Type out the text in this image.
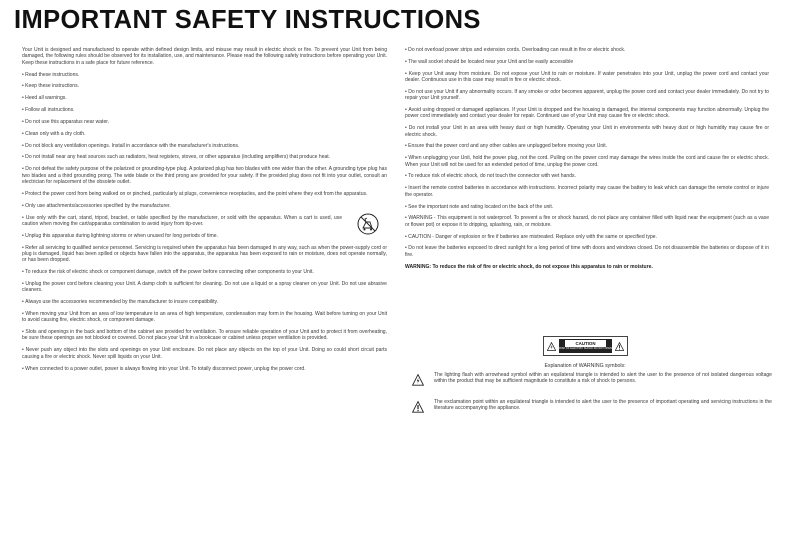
IMPORTANT SAFETY INSTRUCTIONS

Your Unit is designed and manufactured to operate within defined design limits, and misuse may result in electric shock or fire. To prevent your Unit from being damaged, the following rules should be observed for its installation, use, and maintenance. Please read the following safety instructions before operating your Unit. Keep these instructions in a safe place for future reference.

• Read these instructions.

• Keep these instructions.

• Heed all warnings.

• Follow all instructions.

• Do not use this apparatus near water.

• Clean only with a dry cloth.

• Do not block any ventilation openings. Install in accordance with the manufacturer's instructions.

• Do not install near any heat sources such as radiators, heat registers, stoves, or other apparatus (including amplifiers) that produce heat.

• Do not defeat the safety purpose of the polarized or grounding-type plug. A polarized plug has two blades with one wider than the other. A grounding type plug has two blades and a third grounding prong. The wide blade or the third prong are provided for your safety. If the provided plug does not fit into your outlet, consult an electrician for replacement of the obsolete outlet.

• Protect the power cord from being walked on or pinched, particularly at plugs, convenience receptacles, and the point where they exit from the apparatus.

• Only use attachments/accessories specified by the manufacturer.

• Use only with the cart, stand, tripod, bracket, or table specified by the manufacturer, or sold with the apparatus. When a cart is used, use caution when moving the cart/apparatus combination to avoid injury from tip-over.

• Unplug this apparatus during lightning storms or when unused for long periods of time.

• Refer all servicing to qualified service personnel. Servicing is required when the apparatus has been damaged in any way, such as when the power-supply cord or plug is damaged, liquid has been spilled or objects have fallen into the apparatus, the apparatus has been exposed to rain or moisture, does not operate normally, or has been dropped.

• To reduce the risk of electric shock or component damage, switch off the power before connecting other components to your Unit.

• Unplug the power cord before cleaning your Unit. A damp cloth is sufficient for cleaning. Do not use a liquid or a spray cleaner on your Unit. Do not use abrasive cleaners.

• Always use the accessories recommended by the manufacturer to insure compatibility.

• When moving your Unit from an area of low temperature to an area of high temperature, condensation may form in the housing. Wait before turning on your Unit to avoid causing fire, electric shock, or component damage.

• Slots and openings in the back and bottom of the cabinet are provided for ventilation. To ensure reliable operation of your Unit and to protect it from overheating, be sure these openings are not blocked or covered. Do not place your Unit in a bookcase or cabinet unless proper ventilation is provided.

• Never push any object into the slots and openings on your Unit enclosure. Do not place any objects on the top of your Unit. Doing so could short circuit parts causing a fire or electric shock. Never spill liquids on your Unit.

• When connected to a power outlet, power is always flowing into your Unit. To totally disconnect power, unplug the power cord.

• Do not overload power strips and extension cords. Overloading can result in fire or electric shock.

• The wall socket should be located near your Unit and be easily accessible

• Keep your Unit away from moisture. Do not expose your Unit to rain or moisture. If water penetrates into your Unit, unplug the power cord and contact your dealer. Continuous use in this case may result in fire or electric shock.

• Do not use your Unit if any abnormality occurs. If any smoke or odor becomes apparent, unplug the power cord and contact your dealer immediately. Do not try to repair your Unit yourself.

• Avoid using dropped or damaged appliances. If your Unit is dropped and the housing is damaged, the internal components may function abnormally. Unplug the power cord immediately and contact your dealer for repair. Continued use of your Unit may cause fire or electric shock.

• Do not install your Unit in an area with heavy dust or high humidity. Operating your Unit in environments with heavy dust or high humidity may cause fire or electric shock.

• Ensure that the power cord and any other cables are unplugged before moving your Unit.

• When unplugging your Unit, hold the power plug, not the cord. Pulling on the power cord may damage the wires inside the cord and cause fire or electric shock. When your Unit will not be used for an extended period of time, unplug the power cord.

• To reduce risk of electric shock, do not touch the connector with wet hands.

• Insert the remote control batteries in accordance with instructions. Incorrect polarity may cause the battery to leak which can damage the remote control or injure the operator.

• See the important note and rating located on the back of the unit.

• WARNING - This equipment is not waterproof. To prevent a fire or shock hazard, do not place any container filled with liquid near the equipment (such as a vase or flower pot) or expose it to dripping, splashing, rain, or moisture.

• CAUTION - Danger of explosion or fire if batteries are mistreated. Replace only with the same or specified type.

• Do not leave the batteries exposed to direct sunlight for a long period of time with doors and windows closed. Do not disassemble the batteries or dispose of it in fire.

WARNING: To reduce the risk of fire or electric shock, do not expose this apparatus to rain or moisture.

CAUTION
RISK OF ELECTRIC SHOCK DO NOT OPEN
Explanation of WARNING symbols:
The lighting flash with arrowhead symbol within an equilateral triangle is intended to alert the user to the presence of not isolated dangerous voltage within the product that may be sufficient magnitude to constitute a risk of shock to persons.
The exclamation point within an equilateral triangle is intended to alert the user to the presence of important operating and servicing instructions in the literature accompanying the appliance.
